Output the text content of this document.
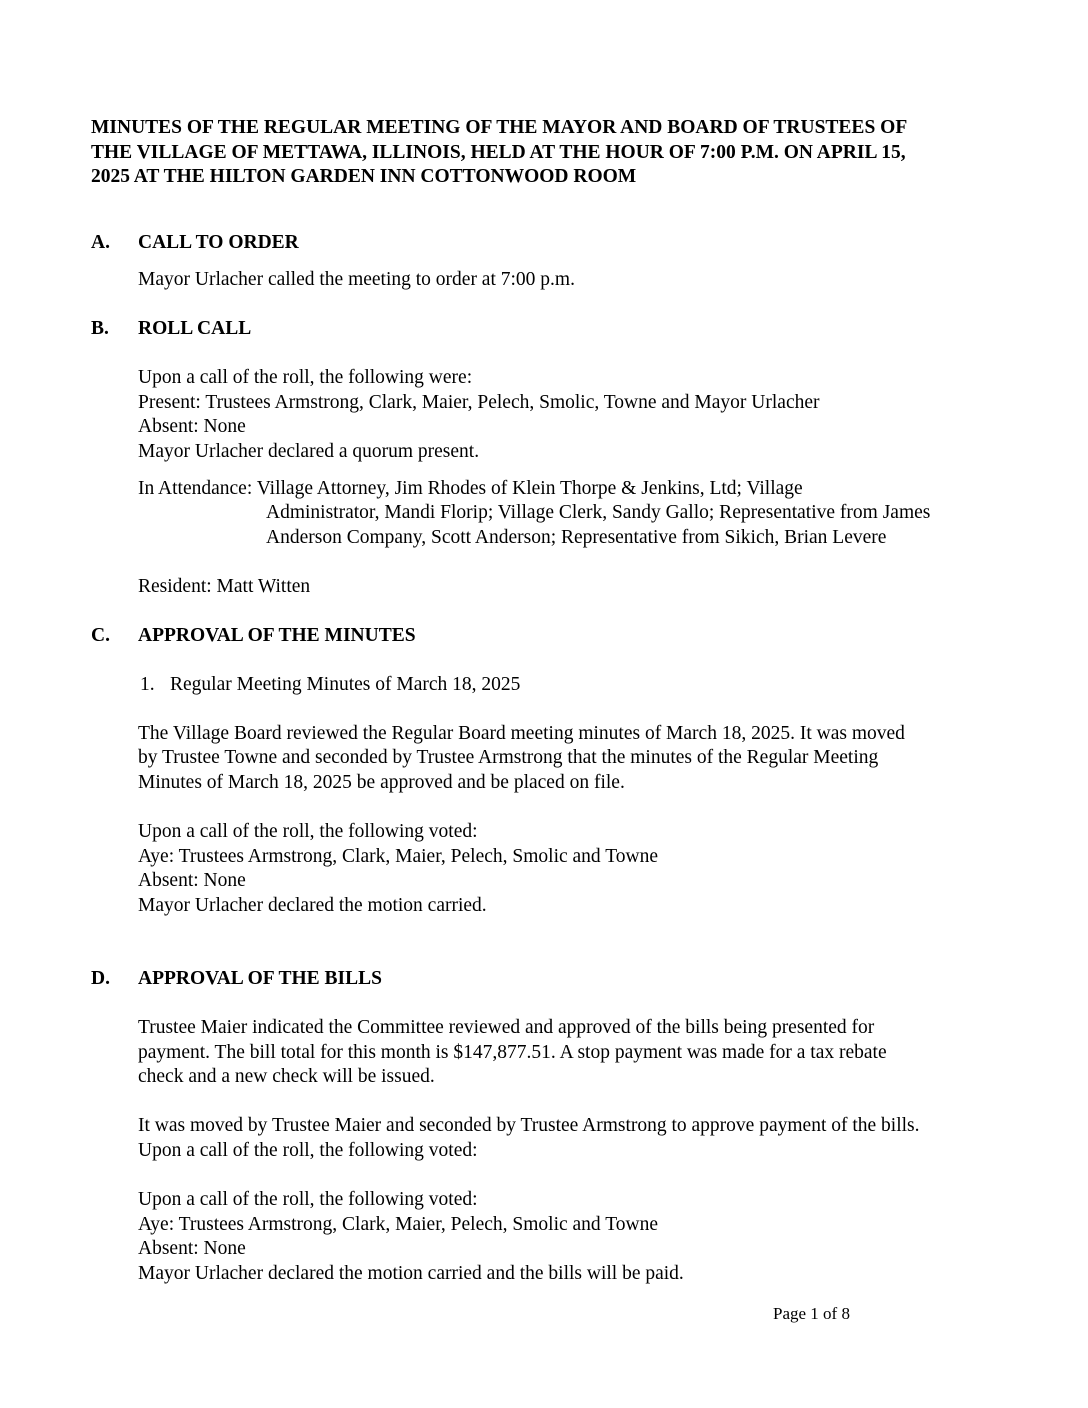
MINUTES OF THE REGULAR MEETING OF THE MAYOR AND BOARD OF TRUSTEES OF
THE VILLAGE OF METTAWA, ILLINOIS, HELD AT THE HOUR OF 7:00 P.M. ON APRIL 15,
2025 AT THE HILTON GARDEN INN COTTONWOOD ROOM
A. CALL TO ORDER
Mayor Urlacher called the meeting to order at 7:00 p.m.
B. ROLL CALL
Upon a call of the roll, the following were:
Present: Trustees Armstrong, Clark, Maier, Pelech, Smolic, Towne and Mayor Urlacher
Absent: None
Mayor Urlacher declared a quorum present.
In Attendance: Village Attorney, Jim Rhodes of Klein Thorpe & Jenkins, Ltd; Village
Administrator, Mandi Florip; Village Clerk, Sandy Gallo; Representative from James
Anderson Company, Scott Anderson; Representative from Sikich, Brian Levere
Resident: Matt Witten
C. APPROVAL OF THE MINUTES
1. Regular Meeting Minutes of March 18, 2025
The Village Board reviewed the Regular Board meeting minutes of March 18, 2025. It was moved
by Trustee Towne and seconded by Trustee Armstrong that the minutes of the Regular Meeting
Minutes of March 18, 2025 be approved and be placed on file.
Upon a call of the roll, the following voted:
Aye: Trustees Armstrong, Clark, Maier, Pelech, Smolic and Towne
Absent: None
Mayor Urlacher declared the motion carried.
D. APPROVAL OF THE BILLS
Trustee Maier indicated the Committee reviewed and approved of the bills being presented for
payment. The bill total for this month is $147,877.51. A stop payment was made for a tax rebate
check and a new check will be issued.
It was moved by Trustee Maier and seconded by Trustee Armstrong to approve payment of the bills.
Upon a call of the roll, the following voted:
Upon a call of the roll, the following voted:
Aye: Trustees Armstrong, Clark, Maier, Pelech, Smolic and Towne
Absent: None
Mayor Urlacher declared the motion carried and the bills will be paid.
Page 1 of 8
